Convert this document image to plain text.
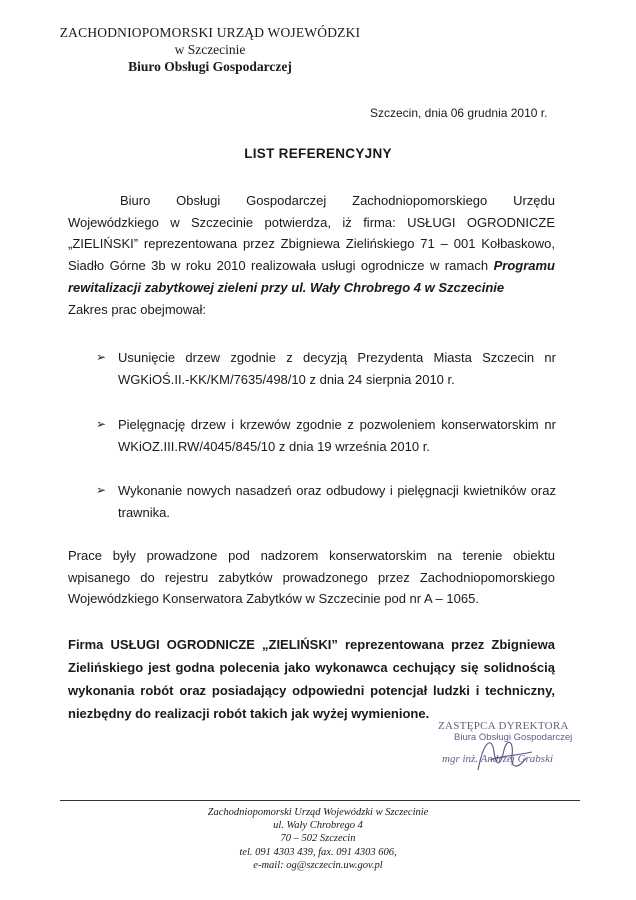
ZACHODNIOPOMORSKI URZĄD WOJEWÓDZKI
w Szczecinie
Biuro Obsługi Gospodarczej
Szczecin, dnia 06 grudnia 2010 r.
LIST REFERENCYJNY
Biuro Obsługi Gospodarczej Zachodniopomorskiego Urzędu Wojewódzkiego w Szczecinie potwierdza, iż firma: USŁUGI OGRODNICZE „ZIELIŃSKI” reprezentowana przez Zbigniewa Zielińskiego 71 – 001 Kołbaskowo, Siadło Górne 3b w roku 2010 realizowała usługi ogrodnicze w ramach Programu rewitalizacji zabytkowej zieleni przy ul. Wały Chrobrego 4 w Szczecinie
Zakres prac obejmował:
➢ Usunięcie drzew zgodnie z decyzją Prezydenta Miasta Szczecin nr WGKiOŚ.II.-KK/KM/7635/498/10 z dnia 24 sierpnia 2010 r.
➢ Pielęgnację drzew i krzewów zgodnie z pozwoleniem konserwatorskim nr WKiOZ.III.RW/4045/845/10 z dnia 19 września 2010 r.
➢ Wykonanie nowych nasadzeń oraz odbudowy i pielęgnacji kwietników oraz trawnika.
Prace były prowadzone pod nadzorem konserwatorskim na terenie obiektu wpisanego do rejestru zabytków prowadzonego przez Zachodniopomorskiego Wojewódzkiego Konserwatora Zabytków w Szczecinie pod nr A – 1065.
Firma USŁUGI OGRODNICZE „ZIELIŃSKI” reprezentowana przez Zbigniewa Zielińskiego jest godna polecenia jako wykonawca cechujący się solidnością wykonania robót oraz posiadający odpowiedni potencjał ludzki i techniczny, niezbędny do realizacji robót takich jak wyżej wymienione.
ZASTĘPCA DYREKTORA
Biura Obsługi Gospodarczej
mgr inż. Andrzej Grabski
Zachodniopomorski Urząd Wojewódzki w Szczecinie
ul. Wały Chrobrego 4
70 – 502 Szczecin
tel. 091 4303 439, fax. 091 4303 606,
e-mail: og@szczecin.uw.gov.pl
